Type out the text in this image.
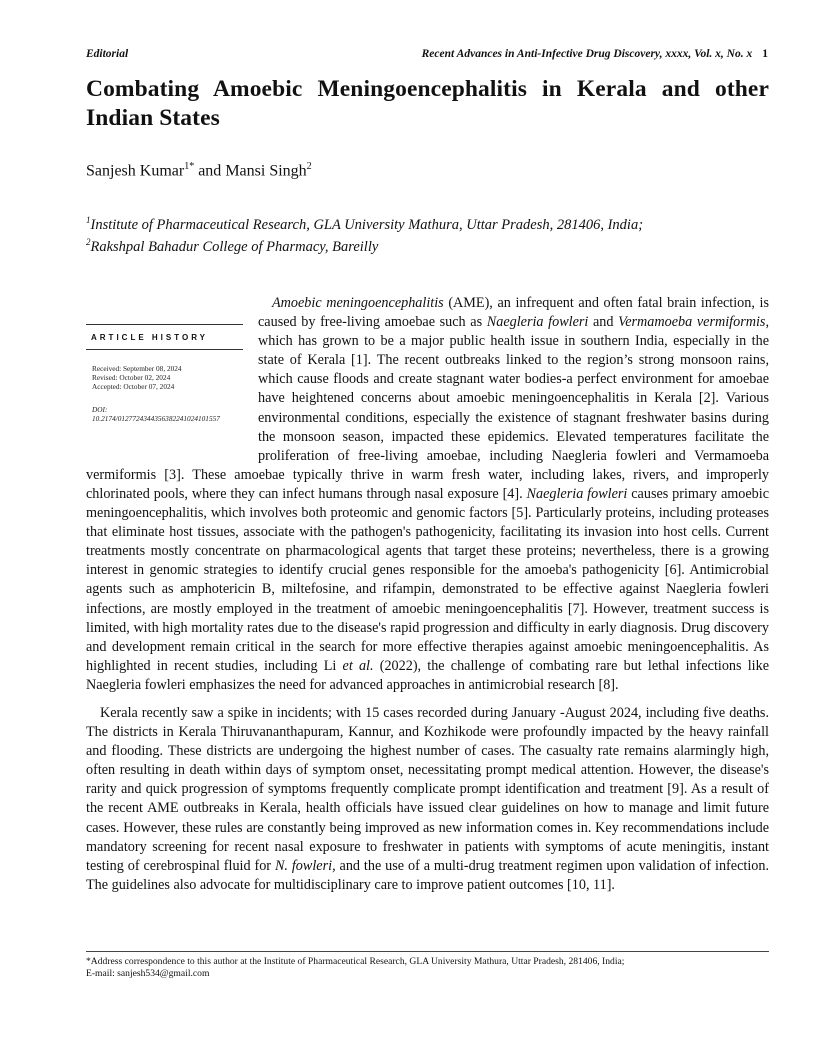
Editorial	Recent Advances in Anti-Infective Drug Discovery, xxxx, Vol. x, No. x 1
Combating Amoebic Meningoencephalitis in Kerala and other Indian States
Sanjesh Kumar$^{1*}$ and Mansi Singh$^2$
$^1$Institute of Pharmaceutical Research, GLA University Mathura, Uttar Pradesh, 281406, India;
$^2$Rakshpal Bahadur College of Pharmacy, Bareilly
ARTICLE HISTORY
Received: September 08, 2024
Revised: October 02, 2024
Accepted: October 07, 2024
DOI:
10.2174/0127724344356382241024101557

Amoebic meningoencephalitis (AME), an infrequent and often fatal brain infection, is caused by free-living amoebae such as Naegleria fowleri and Vermamoeba vermiformis, which has grown to be a major public health issue in southern India, especially in the state of Kerala [1]. The recent outbreaks linked to the region’s strong monsoon rains, which cause floods and create stagnant water bodies-a perfect environment for amoebae have heightened concerns about amoebic meningoencephalitis in Kerala [2]. Various environmental conditions, especially the existence of stagnant freshwater basins during the monsoon season, impacted these epidemics. Elevated temperatures facilitate the proliferation of free-living amoebae, including Naegleria fowleri and Vermamoeba vermiformis [3]. These amoebae typically thrive in warm fresh water, including lakes, rivers, and improperly chlorinated pools, where they can infect humans through nasal exposure [4]. Naegleria fowleri causes primary amoebic meningoencephalitis, which involves both proteomic and genomic factors [5]. Particularly proteins, including proteases that eliminate host tissues, associate with the pathogen's pathogenicity, facilitating its invasion into host cells. Current treatments mostly concentrate on pharmacological agents that target these proteins; nevertheless, there is a growing interest in genomic strategies to identify crucial genes responsible for the amoeba's pathogenicity [6]. Antimicrobial agents such as amphotericin B, miltefosine, and rifampin, demonstrated to be effective against Naegleria fowleri infections, are mostly employed in the treatment of amoebic meningoencephalitis [7]. However, treatment success is limited, with high mortality rates due to the disease's rapid progression and difficulty in early diagnosis. Drug discovery and development remain critical in the search for more effective therapies against amoebic meningoencephalitis. As highlighted in recent studies, including Li et al. (2022), the challenge of combating rare but lethal infections like Naegleria fowleri emphasizes the need for advanced approaches in antimicrobial research [8].

Kerala recently saw a spike in incidents; with 15 cases recorded during January -August 2024, including five deaths. The districts in Kerala Thiruvananthapuram, Kannur, and Kozhikode were profoundly impacted by the heavy rainfall and flooding. These districts are undergoing the highest number of cases. The casualty rate remains alarmingly high, often resulting in death within days of symptom onset, necessitating prompt medical attention. However, the disease's rarity and quick progression of symptoms frequently complicate prompt identification and treatment [9]. As a result of the recent AME outbreaks in Kerala, health officials have issued clear guidelines on how to manage and limit future cases. However, these rules are constantly being improved as new information comes in. Key recommendations include mandatory screening for recent nasal exposure to freshwater in patients with symptoms of acute meningitis, instant testing of cerebrospinal fluid for N. fowleri, and the use of a multi-drug treatment regimen upon validation of infection. The guidelines also advocate for multidisciplinary care to improve patient outcomes [10, 11].

*Address correspondence to this author at the Institute of Pharmaceutical Research, GLA University Mathura, Uttar Pradesh, 281406, India;
E-mail: sanjesh534@gmail.com
